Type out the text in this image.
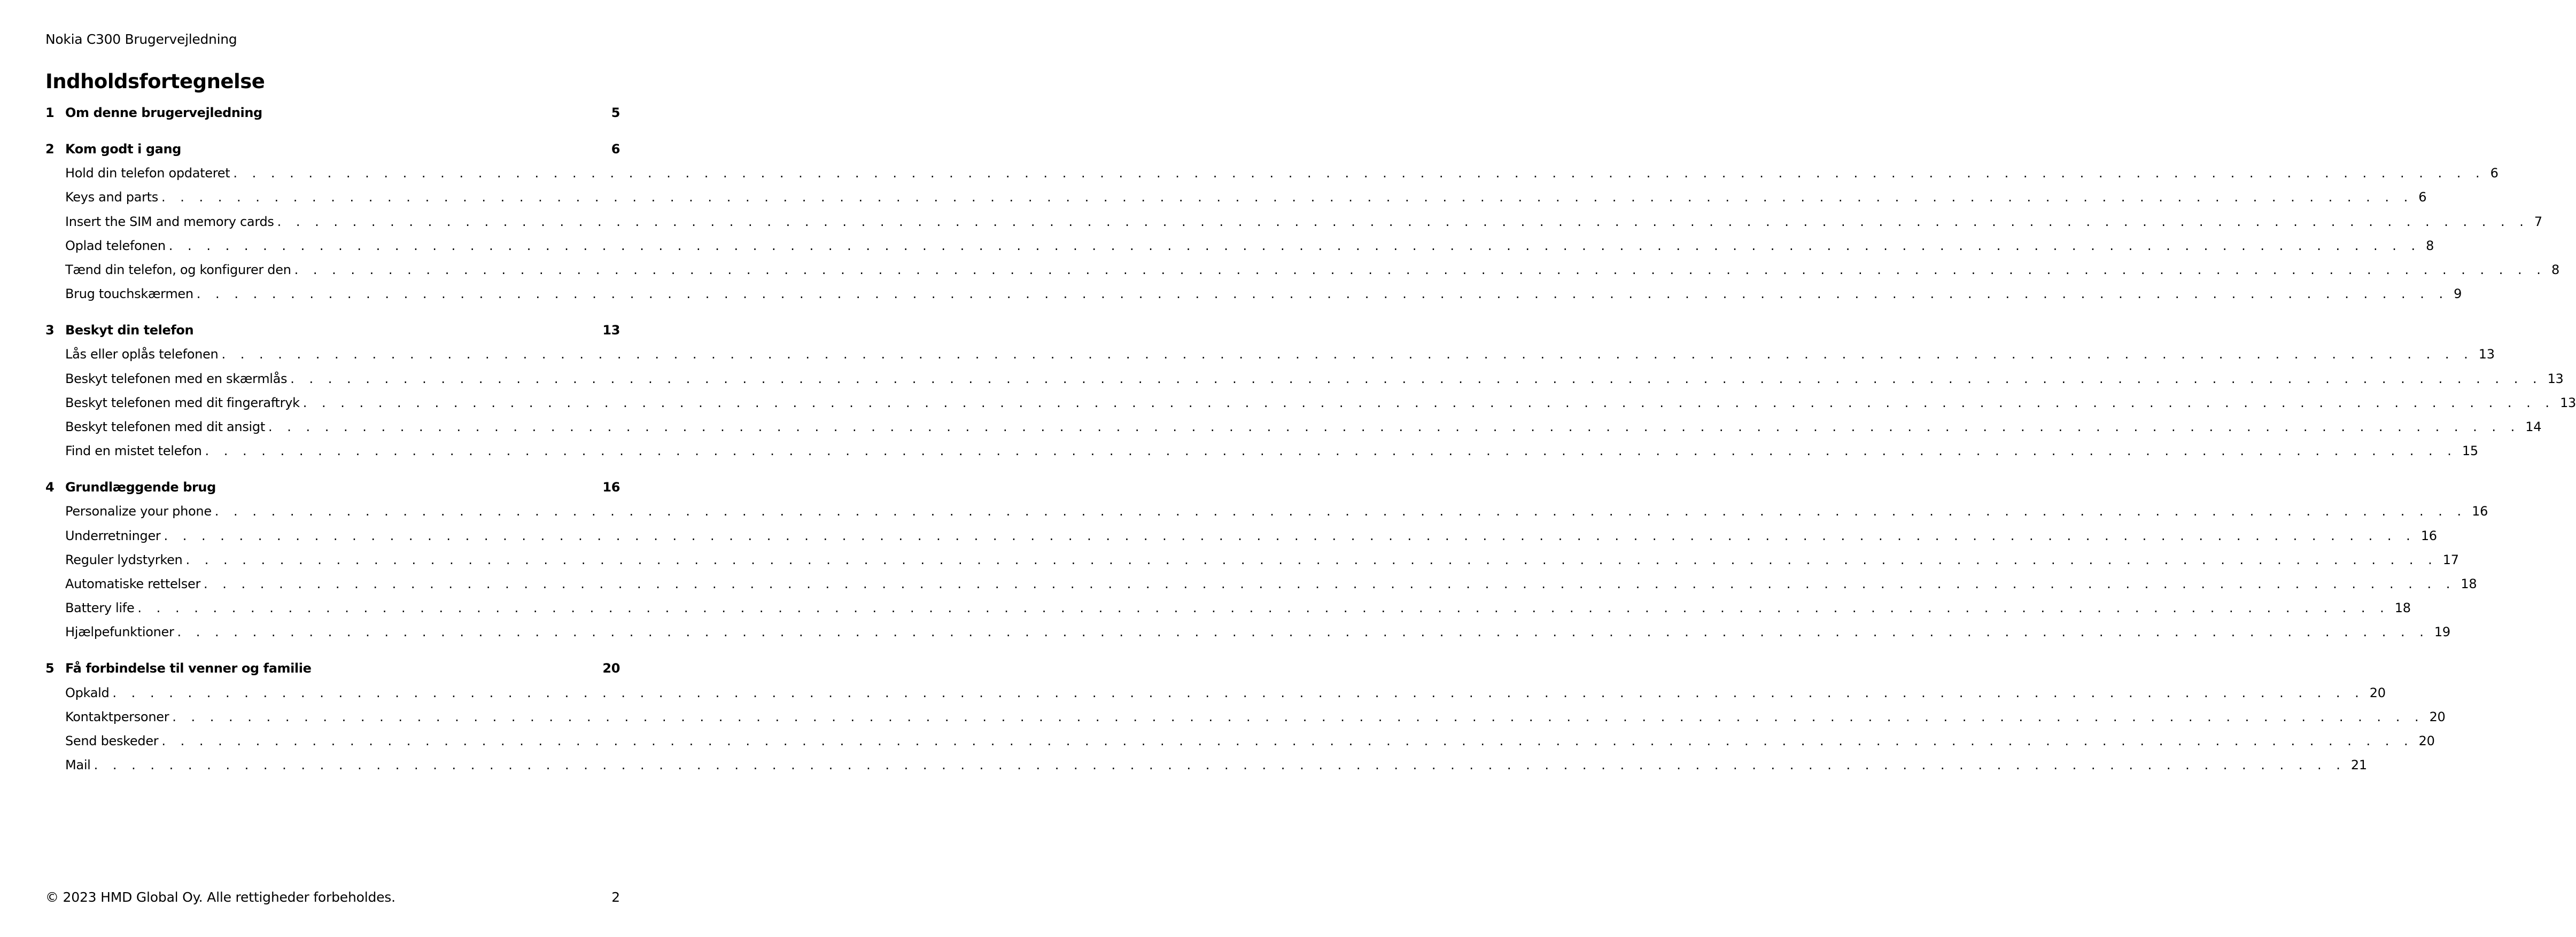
Nokia C300 Brugervejledning
Indholdsfortegnelse
1 Om denne brugervejledning	5
2 Kom godt i gang	6
Hold din telefon opdateret . . . . . . . . . . . . . . . . . . . . . . . . . . . . . . . . . . . . . . . . . . . . . . . . . . . . . . . . . . . . . . . . . . . . . . . . . . . . . . . . . . . . . . . . . . . . . . . . . . . . . . . . . . . . . . . . . . . . . . . . 6
Keys and parts . . . . . . . . . . . . . . . . . . . . . . . . . . . . . . . . . . . . . . . . . . . . . . . . . . . . . . . . . . . . . . . . . . . . . . . . . . . . . . . . . . . . . . . . . . . . . . . . . . . . . . . . . . . . . . . . . . . . . . . . 6
Insert the SIM and memory cards . . . . . . . . . . . . . . . . . . . . . . . . . . . . . . . . . . . . . . . . . . . . . . . . . . . . . . . . . . . . . . . . . . . . . . . . . . . . . . . . . . . . . . . . . . . . . . . . . . . . . . . . . . . . . . . . . . . . . . . . 7
Oplad telefonen . . . . . . . . . . . . . . . . . . . . . . . . . . . . . . . . . . . . . . . . . . . . . . . . . . . . . . . . . . . . . . . . . . . . . . . . . . . . . . . . . . . . . . . . . . . . . . . . . . . . . . . . . . . . . . . . . . . . . . . . 8
Tænd din telefon, og konfigurer den . . . . . . . . . . . . . . . . . . . . . . . . . . . . . . . . . . . . . . . . . . . . . . . . . . . . . . . . . . . . . . . . . . . . . . . . . . . . . . . . . . . . . . . . . . . . . . . . . . . . . . . . . . . . . . . . . . . . . . . . 8
Brug touchskærmen . . . . . . . . . . . . . . . . . . . . . . . . . . . . . . . . . . . . . . . . . . . . . . . . . . . . . . . . . . . . . . . . . . . . . . . . . . . . . . . . . . . . . . . . . . . . . . . . . . . . . . . . . . . . . . . . . . . . . . . . 9
3 Beskyt din telefon	13
Lås eller oplås telefonen . . . . . . . . . . . . . . . . . . . . . . . . . . . . . . . . . . . . . . . . . . . . . . . . . . . . . . . . . . . . . . . . . . . . . . . . . . . . . . . . . . . . . . . . . . . . . . . . . . . . . . . . . . . . . . . . . . . . . . . . 13
Beskyt telefonen med en skærmlås . . . . . . . . . . . . . . . . . . . . . . . . . . . . . . . . . . . . . . . . . . . . . . . . . . . . . . . . . . . . . . . . . . . . . . . . . . . . . . . . . . . . . . . . . . . . . . . . . . . . . . . . . . . . . . . . . . . . . . . . 13
Beskyt telefonen med dit fingeraftryk . . . . . . . . . . . . . . . . . . . . . . . . . . . . . . . . . . . . . . . . . . . . . . . . . . . . . . . . . . . . . . . . . . . . . . . . . . . . . . . . . . . . . . . . . . . . . . . . . . . . . . . . . . . . . . . . . . . . . . . . 13
Beskyt telefonen med dit ansigt . . . . . . . . . . . . . . . . . . . . . . . . . . . . . . . . . . . . . . . . . . . . . . . . . . . . . . . . . . . . . . . . . . . . . . . . . . . . . . . . . . . . . . . . . . . . . . . . . . . . . . . . . . . . . . . . . . . . . . . . 14
Find en mistet telefon . . . . . . . . . . . . . . . . . . . . . . . . . . . . . . . . . . . . . . . . . . . . . . . . . . . . . . . . . . . . . . . . . . . . . . . . . . . . . . . . . . . . . . . . . . . . . . . . . . . . . . . . . . . . . . . . . . . . . . . . 15
4 Grundlæggende brug	16
Personalize your phone . . . . . . . . . . . . . . . . . . . . . . . . . . . . . . . . . . . . . . . . . . . . . . . . . . . . . . . . . . . . . . . . . . . . . . . . . . . . . . . . . . . . . . . . . . . . . . . . . . . . . . . . . . . . . . . . . . . . . . . . 16
Underretninger . . . . . . . . . . . . . . . . . . . . . . . . . . . . . . . . . . . . . . . . . . . . . . . . . . . . . . . . . . . . . . . . . . . . . . . . . . . . . . . . . . . . . . . . . . . . . . . . . . . . . . . . . . . . . . . . . . . . . . . . 16
Reguler lydstyrken . . . . . . . . . . . . . . . . . . . . . . . . . . . . . . . . . . . . . . . . . . . . . . . . . . . . . . . . . . . . . . . . . . . . . . . . . . . . . . . . . . . . . . . . . . . . . . . . . . . . . . . . . . . . . . . . . . . . . . . . 17
Automatiske rettelser . . . . . . . . . . . . . . . . . . . . . . . . . . . . . . . . . . . . . . . . . . . . . . . . . . . . . . . . . . . . . . . . . . . . . . . . . . . . . . . . . . . . . . . . . . . . . . . . . . . . . . . . . . . . . . . . . . . . . . . . 18
Battery life . . . . . . . . . . . . . . . . . . . . . . . . . . . . . . . . . . . . . . . . . . . . . . . . . . . . . . . . . . . . . . . . . . . . . . . . . . . . . . . . . . . . . . . . . . . . . . . . . . . . . . . . . . . . . . . . . . . . . . . . 18
Hjælpefunktioner . . . . . . . . . . . . . . . . . . . . . . . . . . . . . . . . . . . . . . . . . . . . . . . . . . . . . . . . . . . . . . . . . . . . . . . . . . . . . . . . . . . . . . . . . . . . . . . . . . . . . . . . . . . . . . . . . . . . . . . . 19
5 Få forbindelse til venner og familie	20
Opkald . . . . . . . . . . . . . . . . . . . . . . . . . . . . . . . . . . . . . . . . . . . . . . . . . . . . . . . . . . . . . . . . . . . . . . . . . . . . . . . . . . . . . . . . . . . . . . . . . . . . . . . . . . . . . . . . . . . . . . . . 20
Kontaktpersoner . . . . . . . . . . . . . . . . . . . . . . . . . . . . . . . . . . . . . . . . . . . . . . . . . . . . . . . . . . . . . . . . . . . . . . . . . . . . . . . . . . . . . . . . . . . . . . . . . . . . . . . . . . . . . . . . . . . . . . . . 20
Send beskeder . . . . . . . . . . . . . . . . . . . . . . . . . . . . . . . . . . . . . . . . . . . . . . . . . . . . . . . . . . . . . . . . . . . . . . . . . . . . . . . . . . . . . . . . . . . . . . . . . . . . . . . . . . . . . . . . . . . . . . . . 20
Mail . . . . . . . . . . . . . . . . . . . . . . . . . . . . . . . . . . . . . . . . . . . . . . . . . . . . . . . . . . . . . . . . . . . . . . . . . . . . . . . . . . . . . . . . . . . . . . . . . . . . . . . . . . . . . . . . . . . . . . . . 21
© 2023 HMD Global Oy. Alle rettigheder forbeholdes.	2
